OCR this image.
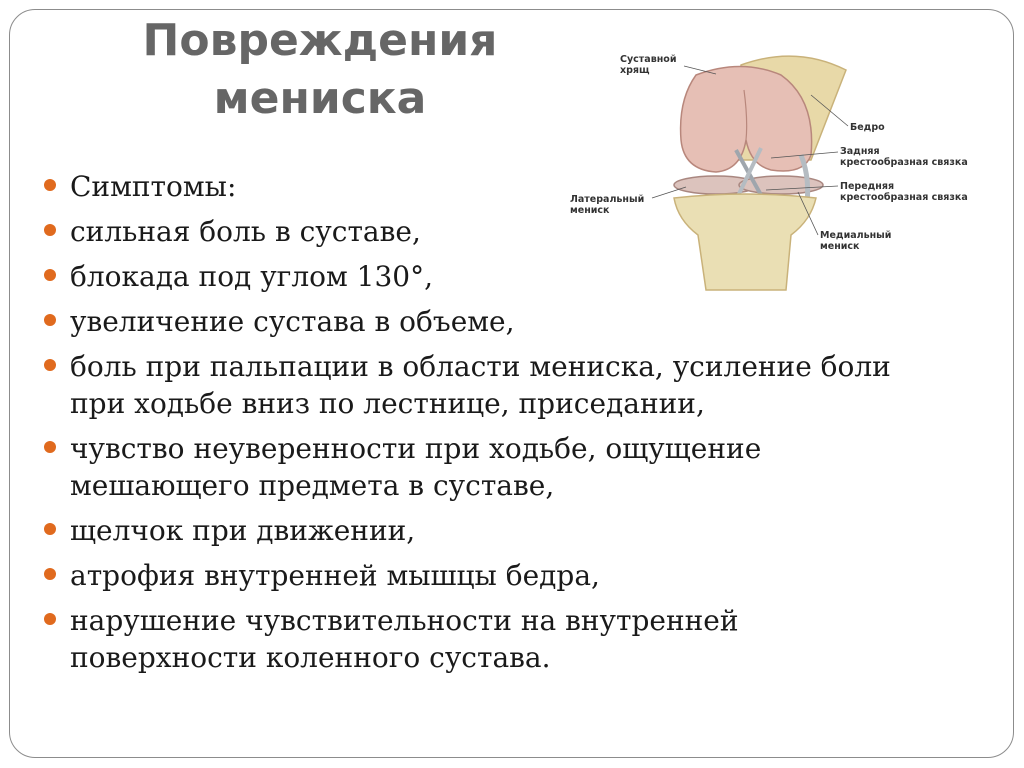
Повреждения
мениска
Суставной
хрящ
Бедро
Задняя
крестообразная связка
Передняя
крестообразная связка
Латеральный
мениск
Медиальный
мениск
Симптомы:
сильная боль в суставе,
блокада под углом 130°,
увеличение сустава в объеме,
боль при пальпации в области мениска, усиление боли
при ходьбе вниз по лестнице, приседании,
чувство неуверенности при ходьбе, ощущение
мешающего предмета в суставе,
щелчок при движении,
атрофия внутренней мышцы бедра,
нарушение чувствительности на внутренней
поверхности коленного сустава.
